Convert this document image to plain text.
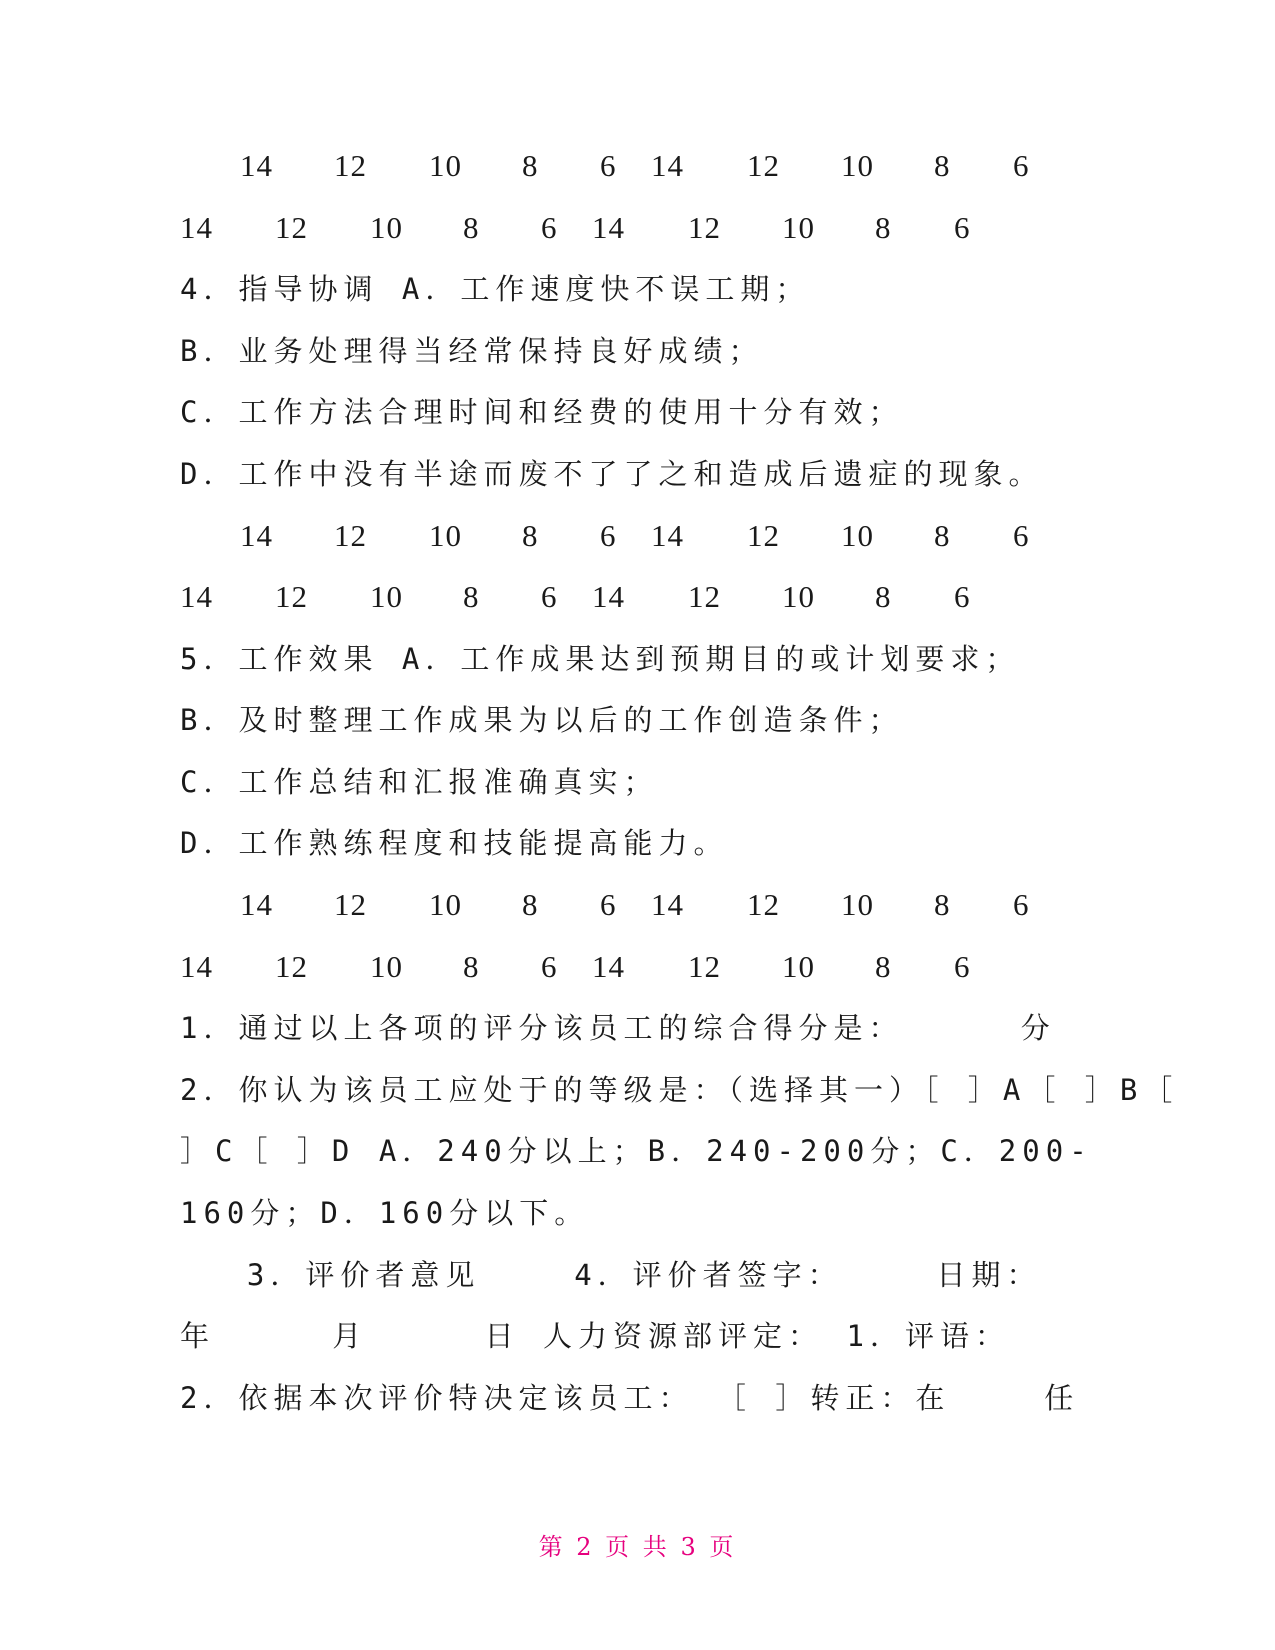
14 12 10 8 6 14 12 10 8 6
14 12 10 8 6 14 12 10 8 6
4．指导协调 A．工作速度快不误工期；
B．业务处理得当经常保持良好成绩；
C．工作方法合理时间和经费的使用十分有效；
D．工作中没有半途而废不了了之和造成后遗症的现象。
14 12 10 8 6 14 12 10 8 6
14 12 10 8 6 14 12 10 8 6
5．工作效果 A．工作成果达到预期目的或计划要求；
B．及时整理工作成果为以后的工作创造条件；
C．工作总结和汇报准确真实；
D．工作熟练程度和技能提高能力。
14 12 10 8 6 14 12 10 8 6
14 12 10 8 6 14 12 10 8 6
1．通过以上各项的评分该员工的综合得分是：     分
2．你认为该员工应处于的等级是：（选择其一）［ ］A［ ］B［
］C［ ］D A．240分以上；B．240-200分；C．200-
160分；D．160分以下。
3．评价者意见    4．评价者签字：    日期：
年     月     日 人力资源部评定： 1．评语：
2．依据本次评价特决定该员工： ［ ］转正：在    任
第 2 页 共 3 页
